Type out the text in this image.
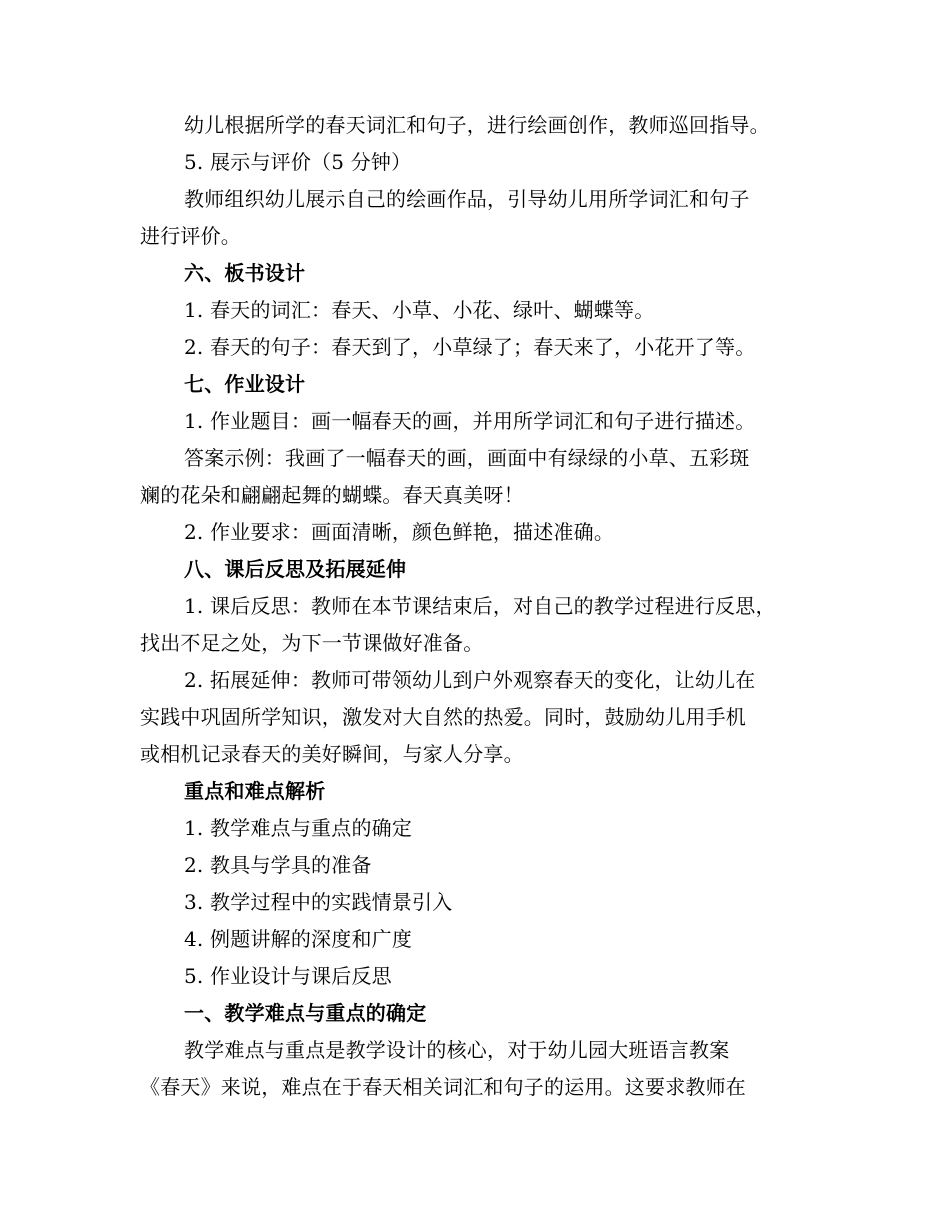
幼儿根据所学的春天词汇和句子，进行绘画创作，教师巡回指导。
5. 展示与评价（5 分钟）
教师组织幼儿展示自己的绘画作品，引导幼儿用所学词汇和句子
进行评价。
六、板书设计
1. 春天的词汇：春天、小草、小花、绿叶、蝴蝶等。
2. 春天的句子：春天到了，小草绿了；春天来了，小花开了等。
七、作业设计
1. 作业题目：画一幅春天的画，并用所学词汇和句子进行描述。
答案示例：我画了一幅春天的画，画面中有绿绿的小草、五彩斑
斓的花朵和翩翩起舞的蝴蝶。春天真美呀！
2. 作业要求：画面清晰，颜色鲜艳，描述准确。
八、课后反思及拓展延伸
1. 课后反思：教师在本节课结束后，对自己的教学过程进行反思，
找出不足之处，为下一节课做好准备。
2. 拓展延伸：教师可带领幼儿到户外观察春天的变化，让幼儿在
实践中巩固所学知识，激发对大自然的热爱。同时，鼓励幼儿用手机
或相机记录春天的美好瞬间，与家人分享。
重点和难点解析
1. 教学难点与重点的确定
2. 教具与学具的准备
3. 教学过程中的实践情景引入
4. 例题讲解的深度和广度
5. 作业设计与课后反思
一、教学难点与重点的确定
教学难点与重点是教学设计的核心，对于幼儿园大班语言教案
《春天》来说，难点在于春天相关词汇和句子的运用。这要求教师在
